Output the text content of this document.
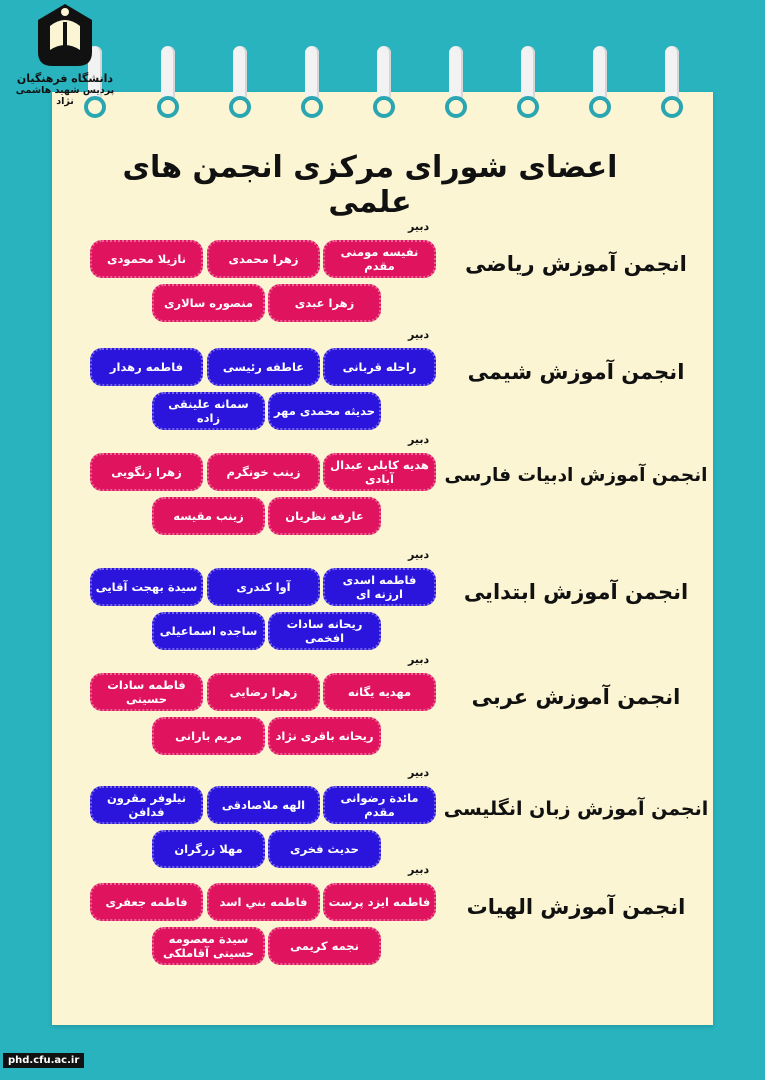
دانشگاه فرهنگیان
پردیس شهید هاشمی نژاد
اعضای شورای مرکزی انجمن های علمی
انجمن آموزش ریاضی
دبیر
نفیسه مومنی مقدم
زهرا محمدی
نازیلا محمودی
زهرا عبدی
منصوره سالاری
انجمن آموزش شیمی
دبیر
راحله قربانی
عاطفه رئیسی
فاطمه رهدار
حدیثه محمدی مهر
سمانه علینقی زاده
انجمن آموزش ادبیات فارسی
دبیر
هدیه کابلی عبدال آبادی
زینب خونگرم
زهرا زنگویی
عارفه نظریان
زینب مقیسه
انجمن آموزش ابتدایی
دبیر
فاطمه اسدی ارزنه ای
آوا کندری
سیدة بهجت آقایی
ریحانه سادات افخمی
ساجده اسماعیلی
انجمن آموزش عربی
دبیر
مهدیه یگانه
زهرا رضایی
فاطمه سادات حسینی
ریحانه باقری نژاد
مریم بارانی
انجمن آموزش زبان انگلیسی
دبیر
مائدة رضوانی مقدم
الهه ملاصادقی
نیلوفر مقرون فدافن
حدیث فخری
مهلا زرگران
انجمن آموزش الهیات
دبیر
فاطمه ایزد پرست
فاطمه بني اسد
فاطمه جعفری
نجمه کریمی
سیدة معصومه حسینی آقاملکی
phd.cfu.ac.ir
